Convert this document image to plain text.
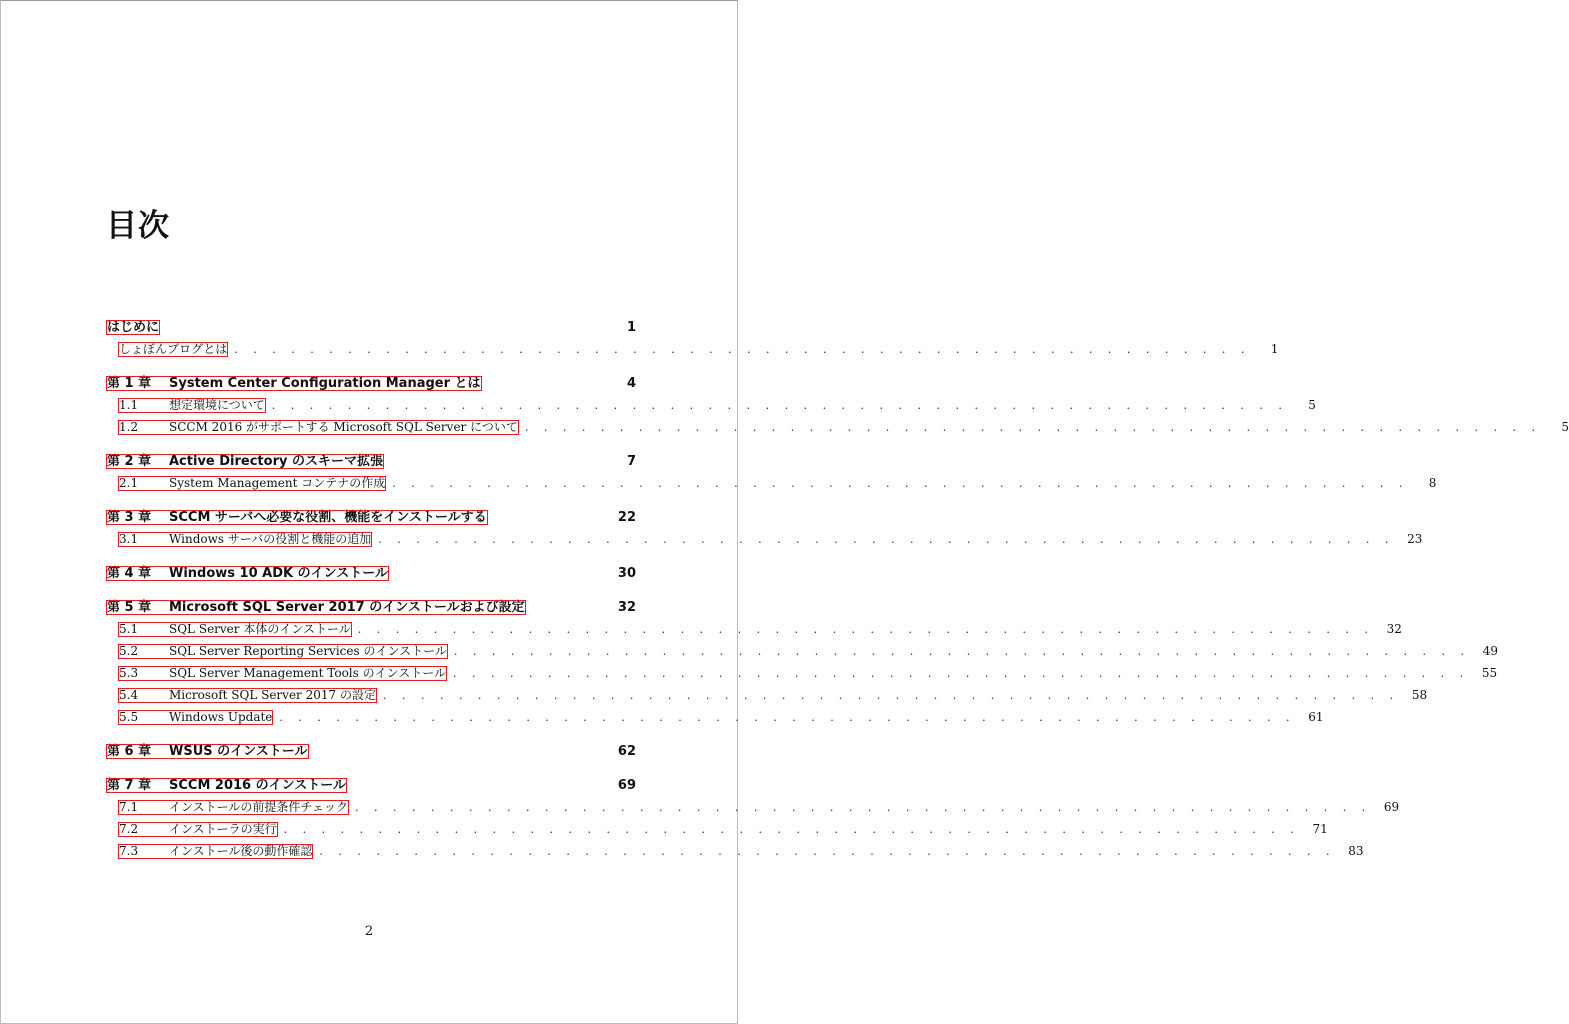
目次
はじめに	1
しょぼんブログとは . . . . . . . . . . . . . . . . . . . . . . . . . . . . . . . . . . . . . . . . . . . . . . . . . . . . . .	1
第 1 章	System Center Configuration Manager とは	4
1.1	想定環境について . . . . . . . . . . . . . . . . . . . . . . . . . . . . . . . . . . . . . . . . . . . . . . . . . . . . . .	5
1.2	SCCM 2016 がサポートする Microsoft SQL Server について . . . . . . . . . . . . . . . . . . . . . . . . . . . . . . . . . . . . . . . . . . . . . . . . . . . . . .	5
第 2 章	Active Directory のスキーマ拡張	7
2.1	System Management コンテナの作成 . . . . . . . . . . . . . . . . . . . . . . . . . . . . . . . . . . . . . . . . . . . . . . . . . . . . . .	8
第 3 章	SCCM サーバへ必要な役割、機能をインストールする	22
3.1	Windows サーバの役割と機能の追加 . . . . . . . . . . . . . . . . . . . . . . . . . . . . . . . . . . . . . . . . . . . . . . . . . . . . . .	23
第 4 章	Windows 10 ADK のインストール	30
第 5 章	Microsoft SQL Server 2017 のインストールおよび設定	32
5.1	SQL Server 本体のインストール . . . . . . . . . . . . . . . . . . . . . . . . . . . . . . . . . . . . . . . . . . . . . . . . . . . . . .	32
5.2	SQL Server Reporting Services のインストール . . . . . . . . . . . . . . . . . . . . . . . . . . . . . . . . . . . . . . . . . . . . . . . . . . . . . .	49
5.3	SQL Server Management Tools のインストール . . . . . . . . . . . . . . . . . . . . . . . . . . . . . . . . . . . . . . . . . . . . . . . . . . . . . .	55
5.4	Microsoft SQL Server 2017 の設定 . . . . . . . . . . . . . . . . . . . . . . . . . . . . . . . . . . . . . . . . . . . . . . . . . . . . . .	58
5.5	Windows Update . . . . . . . . . . . . . . . . . . . . . . . . . . . . . . . . . . . . . . . . . . . . . . . . . . . . . .	61
第 6 章	WSUS のインストール	62
第 7 章	SCCM 2016 のインストール	69
7.1	インストールの前提条件チェック . . . . . . . . . . . . . . . . . . . . . . . . . . . . . . . . . . . . . . . . . . . . . . . . . . . . . .	69
7.2	インストーラの実行 . . . . . . . . . . . . . . . . . . . . . . . . . . . . . . . . . . . . . . . . . . . . . . . . . . . . . .	71
7.3	インストール後の動作確認 . . . . . . . . . . . . . . . . . . . . . . . . . . . . . . . . . . . . . . . . . . . . . . . . . . . . . .	83
2
